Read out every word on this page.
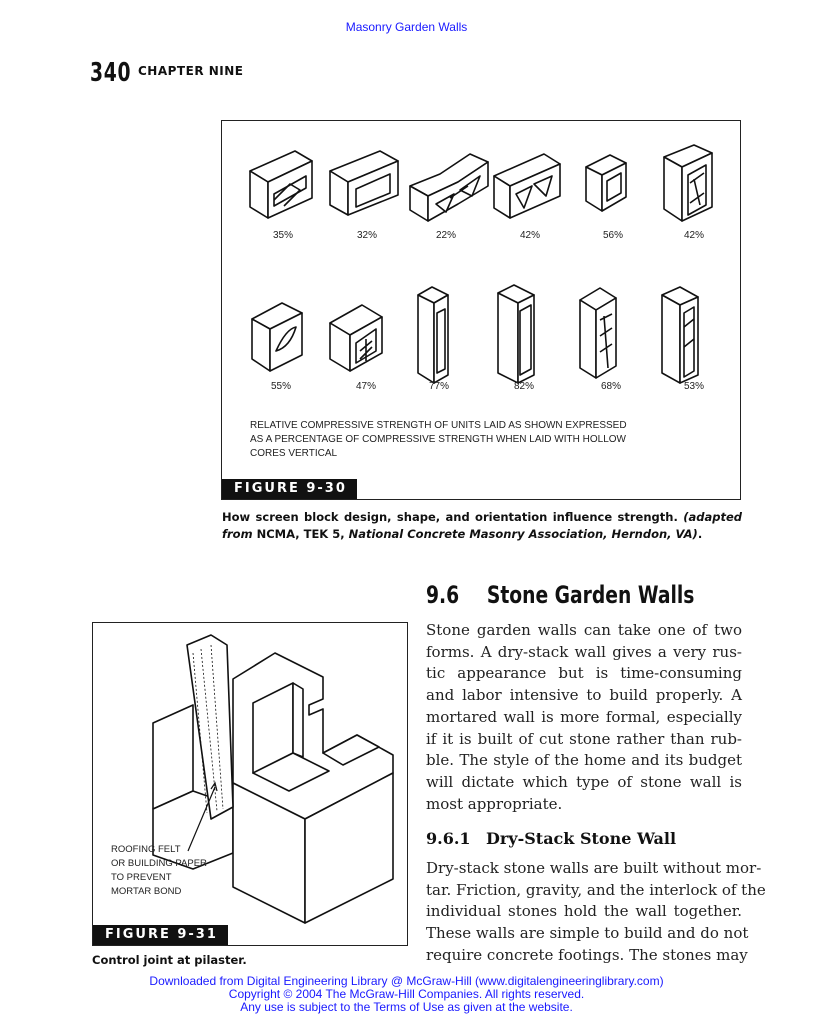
Masonry Garden Walls
340 CHAPTER NINE
35%	32%	22%	42%	56%	42%
55%	47%	77%	82%	68%	53%
RELATIVE COMPRESSIVE STRENGTH OF UNITS LAID AS SHOWN EXPRESSED
AS A PERCENTAGE OF COMPRESSIVE STRENGTH WHEN LAID WITH HOLLOW
CORES VERTICAL
FIGURE 9-30
How screen block design, shape, and orientation influence strength. (adapted from NCMA, TEK 5, National Concrete Masonry Association, Herndon, VA).
9.6 Stone Garden Walls
Stone garden walls can take one of two
forms. A dry-stack wall gives a very rus-
tic appearance but is time-consuming
and labor intensive to build properly. A
mortared wall is more formal, especially
if it is built of cut stone rather than rub-
ble. The style of the home and its budget
will dictate which type of stone wall is
most appropriate.
9.6.1 Dry-Stack Stone Wall
Dry-stack stone walls are built without mor-
tar. Friction, gravity, and the interlock of the
individual stones hold the wall together.
These walls are simple to build and do not
require concrete footings. The stones may
ROOFING FELT
OR BUILDING PAPER
TO PREVENT
MORTAR BOND
FIGURE 9-31
Control joint at pilaster.
Downloaded from Digital Engineering Library @ McGraw-Hill (www.digitalengineeringlibrary.com)
Copyright © 2004 The McGraw-Hill Companies. All rights reserved.
Any use is subject to the Terms of Use as given at the website.
